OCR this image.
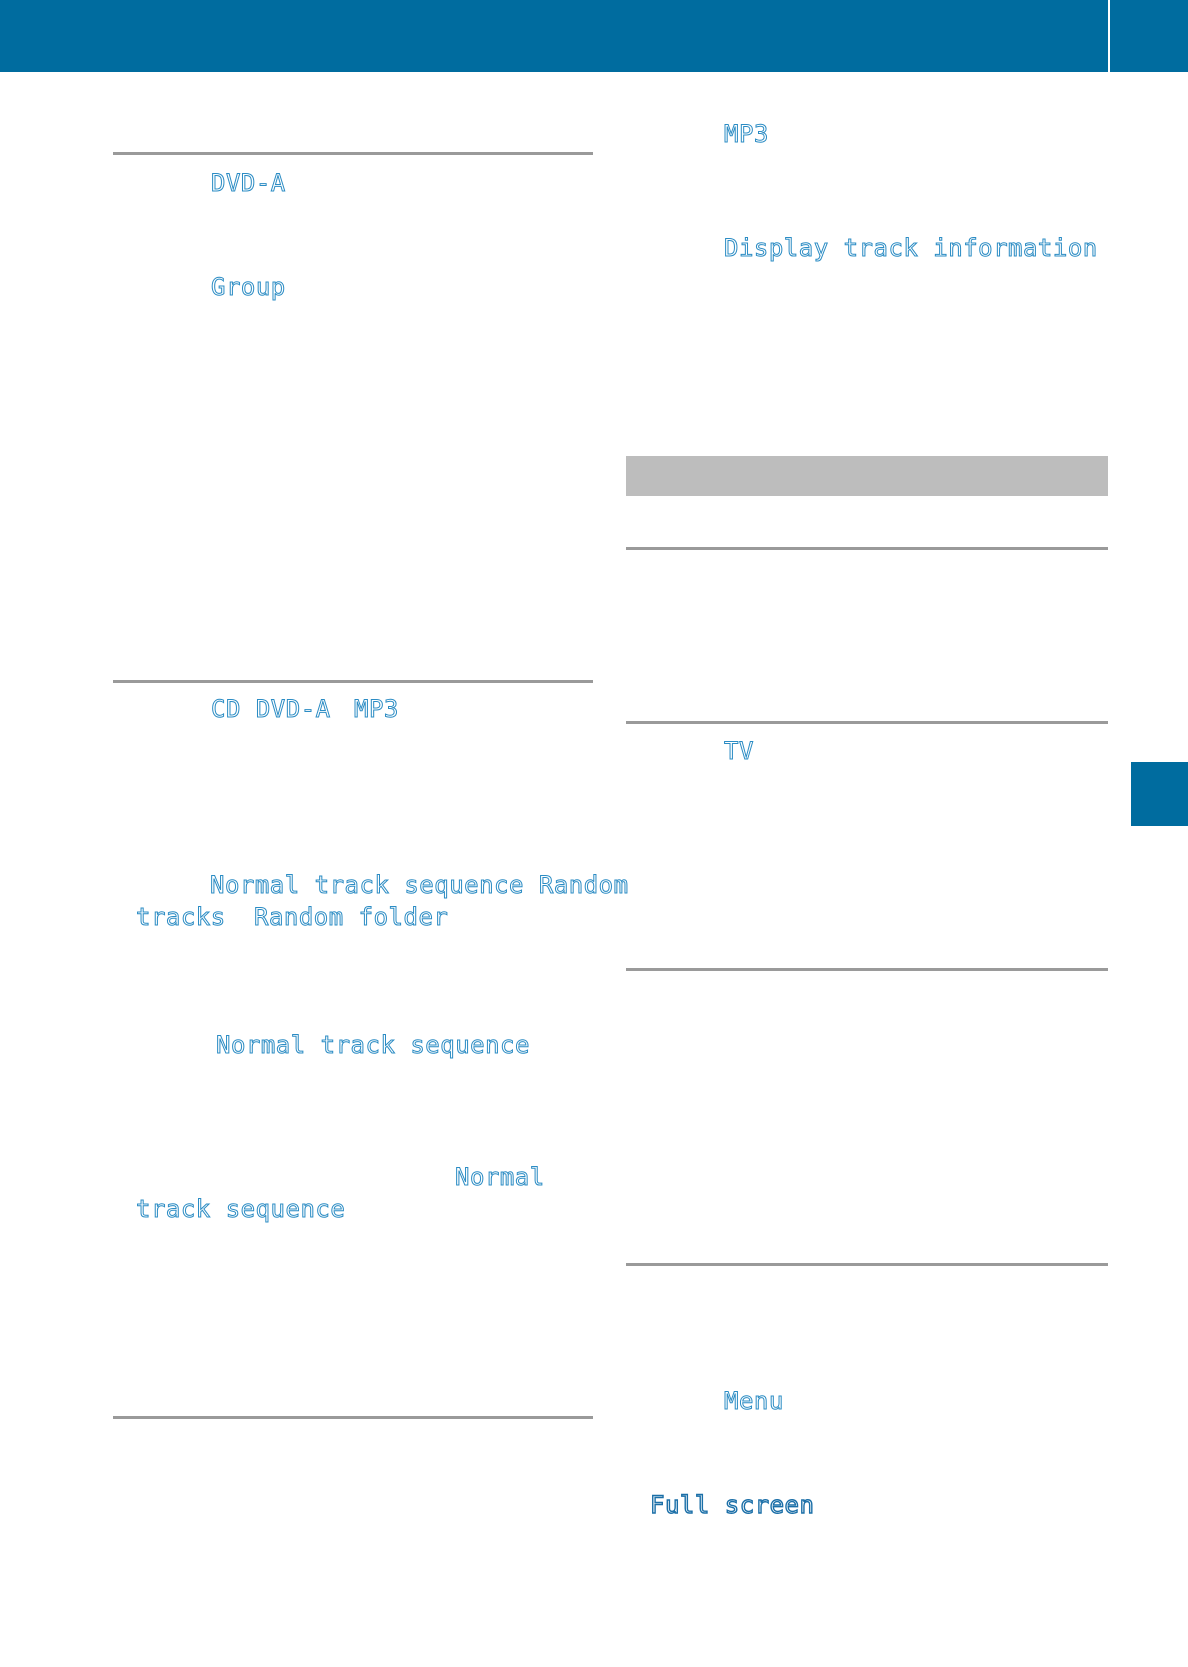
DVD-A

Group

CD DVD-A MP3

Normal track sequence Random

tracks Random folder

Normal track sequence

Normal

track sequence

MP3

Display track information

TV

Menu

Full screen
